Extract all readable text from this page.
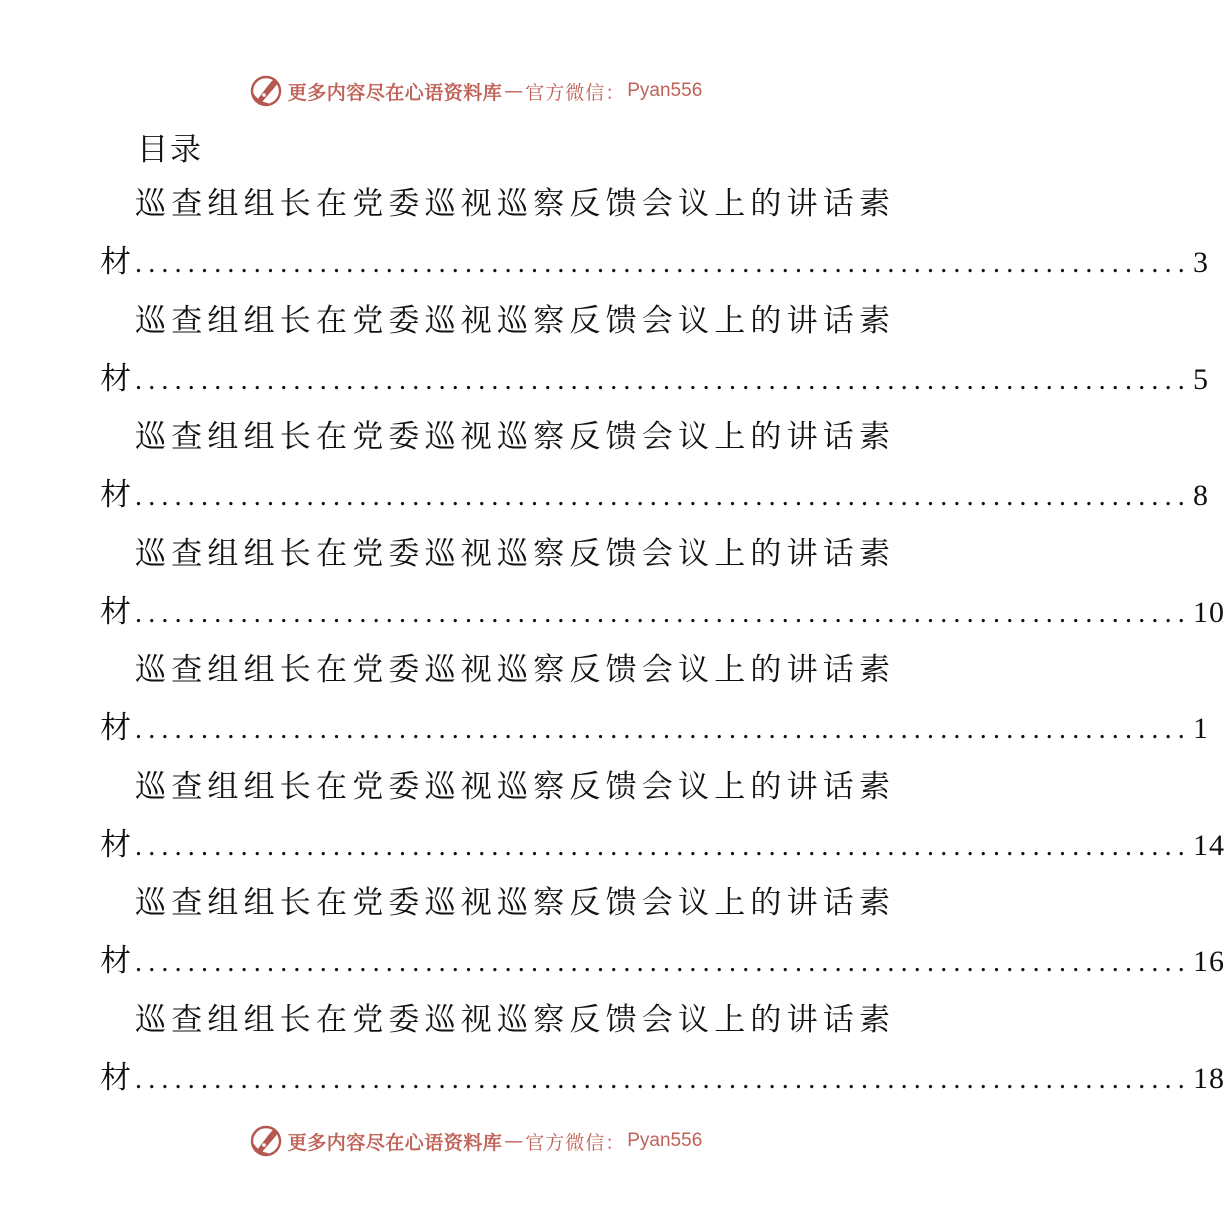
更多内容尽在心语资料库 — 官方微信： Pyan556
目录
巡查组组长在党委巡视巡察反馈会议上的讲话素
材 ................................................................................ 3
巡查组组长在党委巡视巡察反馈会议上的讲话素
材 ................................................................................ 5
巡查组组长在党委巡视巡察反馈会议上的讲话素
材 ................................................................................ 8
巡查组组长在党委巡视巡察反馈会议上的讲话素
材 ................................................................................ 10
巡查组组长在党委巡视巡察反馈会议上的讲话素
材 ................................................................................ 1
巡查组组长在党委巡视巡察反馈会议上的讲话素
材 ................................................................................ 14
巡查组组长在党委巡视巡察反馈会议上的讲话素
材 ................................................................................ 16
巡查组组长在党委巡视巡察反馈会议上的讲话素
材 ................................................................................ 18
更多内容尽在心语资料库 — 官方微信： Pyan556
